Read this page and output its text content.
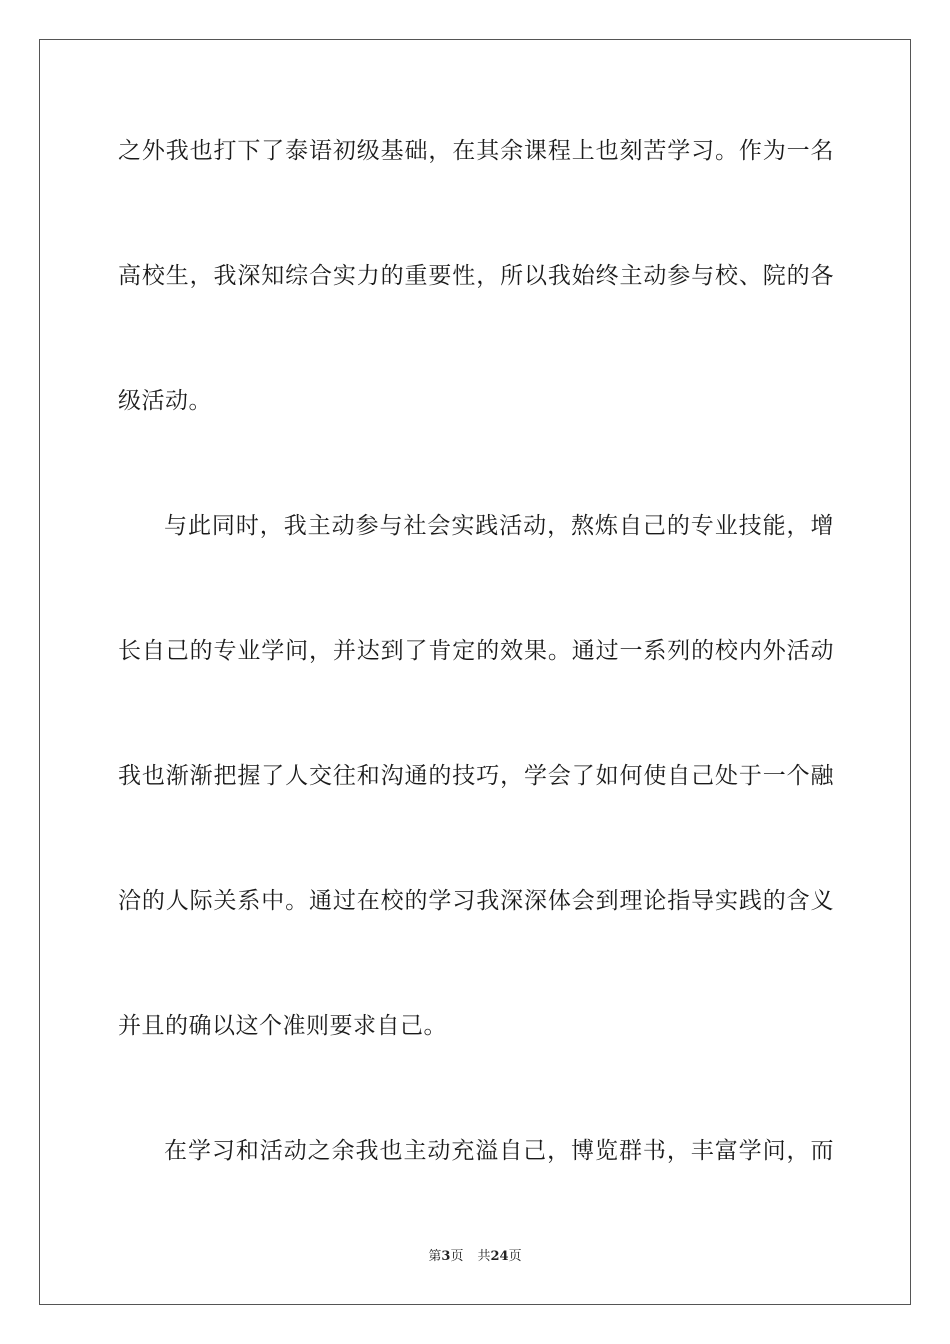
之外我也打下了泰语初级基础，在其余课程上也刻苦学习。作为一名
高校生，我深知综合实力的重要性，所以我始终主动参与校、院的各
级活动。
与此同时，我主动参与社会实践活动，熬炼自己的专业技能，增
长自己的专业学问，并达到了肯定的效果。通过一系列的校内外活动
我也渐渐把握了人交往和沟通的技巧，学会了如何使自己处于一个融
洽的人际关系中。通过在校的学习我深深体会到理论指导实践的含义
并且的确以这个准则要求自己。
在学习和活动之余我也主动充溢自己，博览群书，丰富学问，而
第3页 共24页
